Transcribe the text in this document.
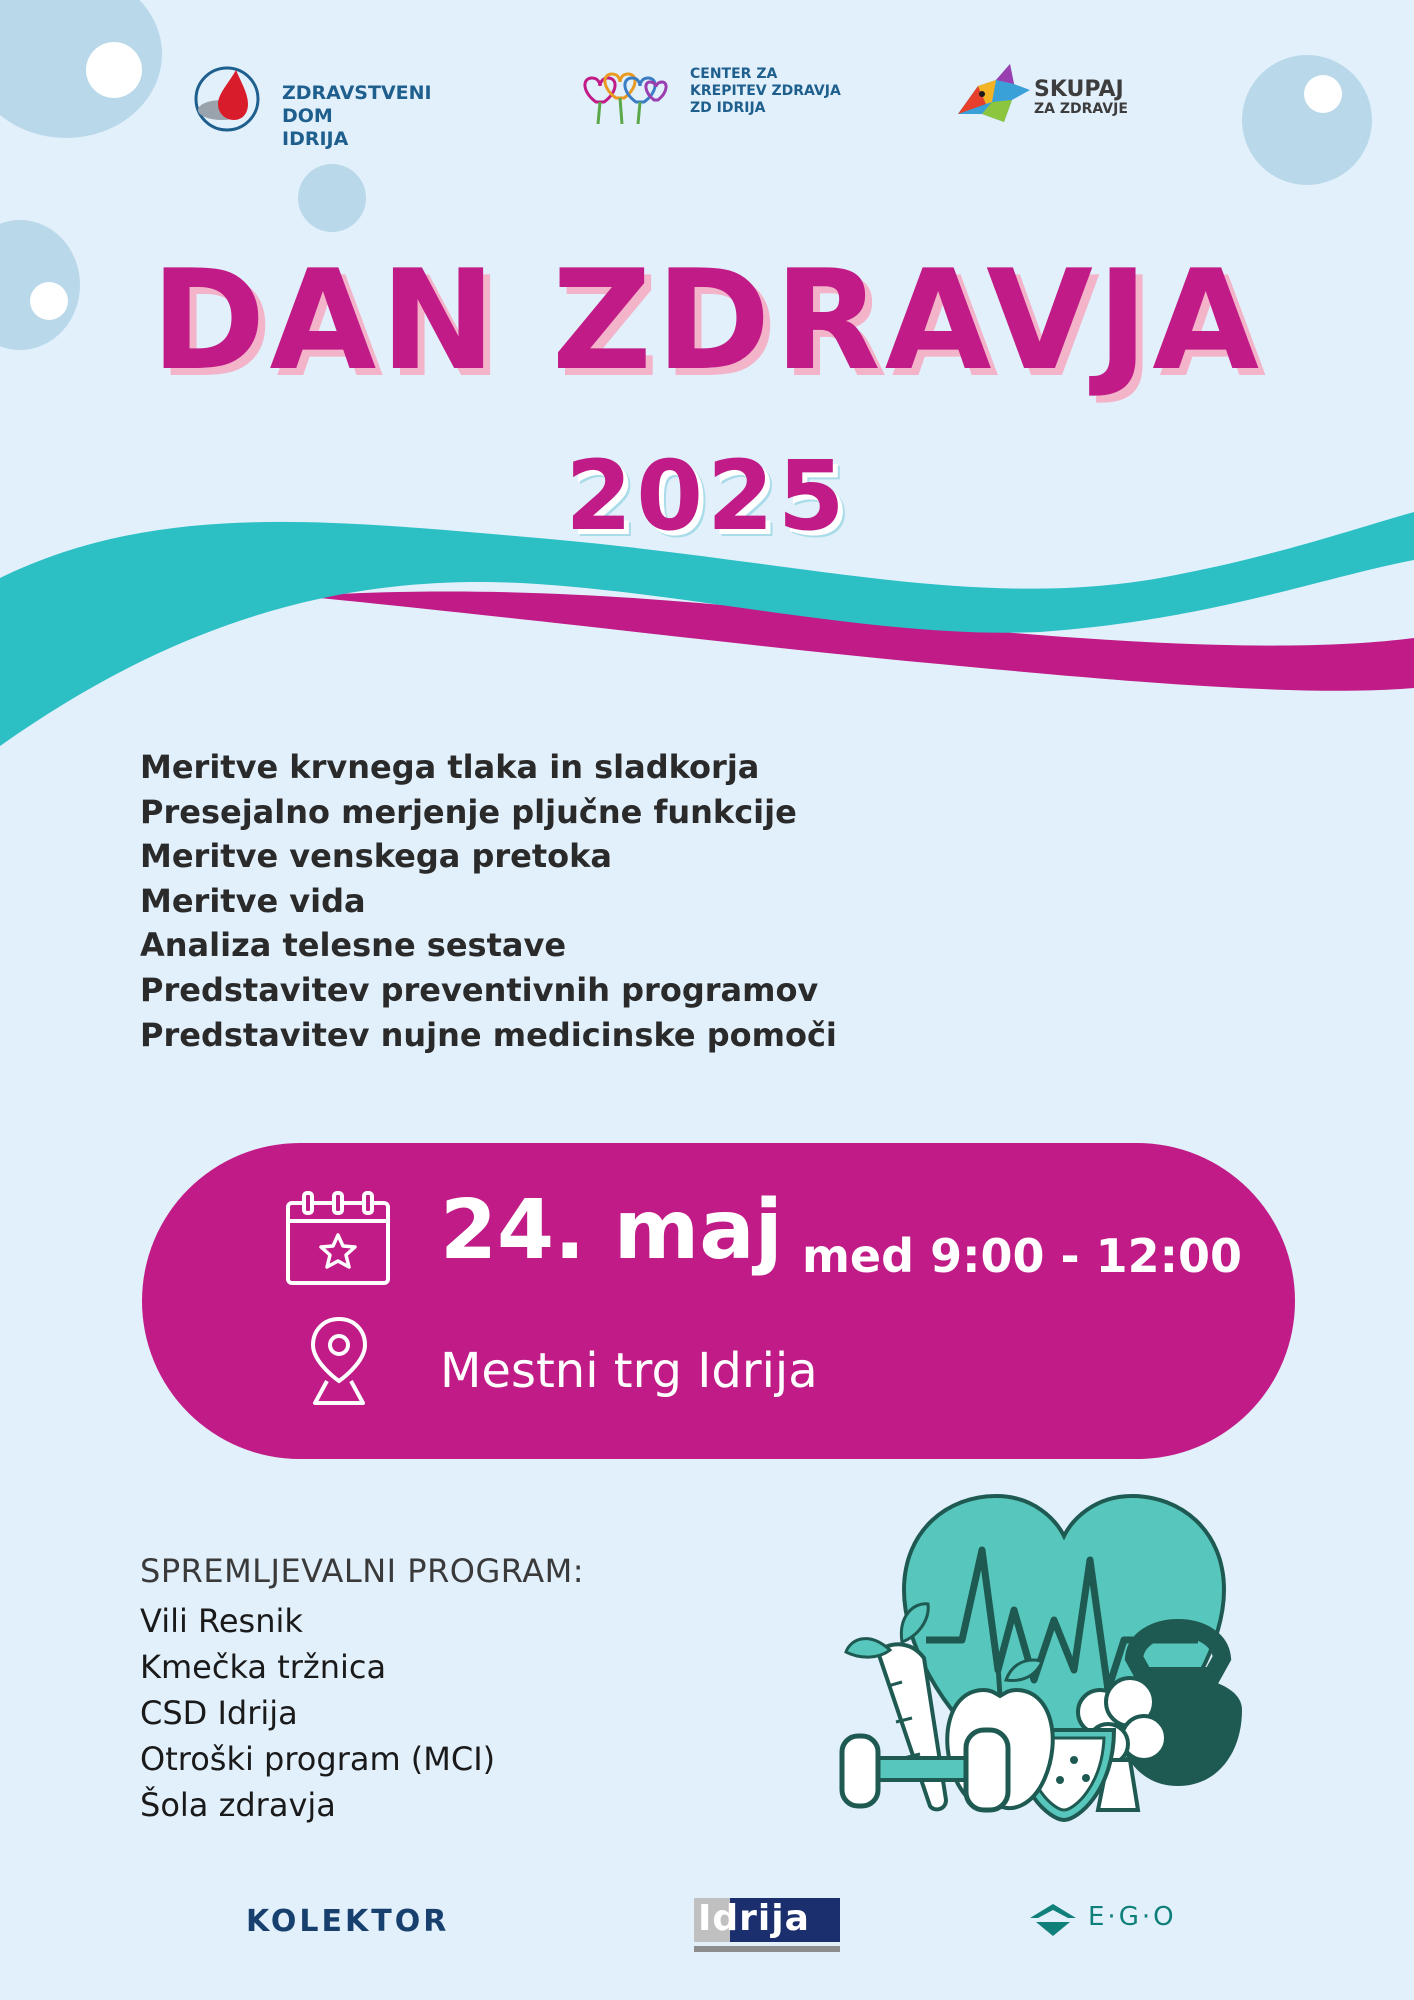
ZDRAVSTVENI DOM
IDRIJA
CENTER ZA
KREPITEV ZDRAVJA
ZD IDRIJA
SKUPAJ
ZA ZDRAVJE
DAN ZDRAVJA
2025
Meritve krvnega tlaka in sladkorja
Presejalno merjenje pljučne funkcije
Meritve venskega pretoka
Meritve vida
Analiza telesne sestave
Predstavitev preventivnih programov
Predstavitev nujne medicinske pomoči
24. maj med 9:00 - 12:00
Mestni trg Idrija
SPREMLJEVALNI PROGRAM:
Vili Resnik
Kmečka tržnica
CSD Idrija
Otroški program (MCI)
Šola zdravja
KOLEKTOR	Idrija	E·G·O
